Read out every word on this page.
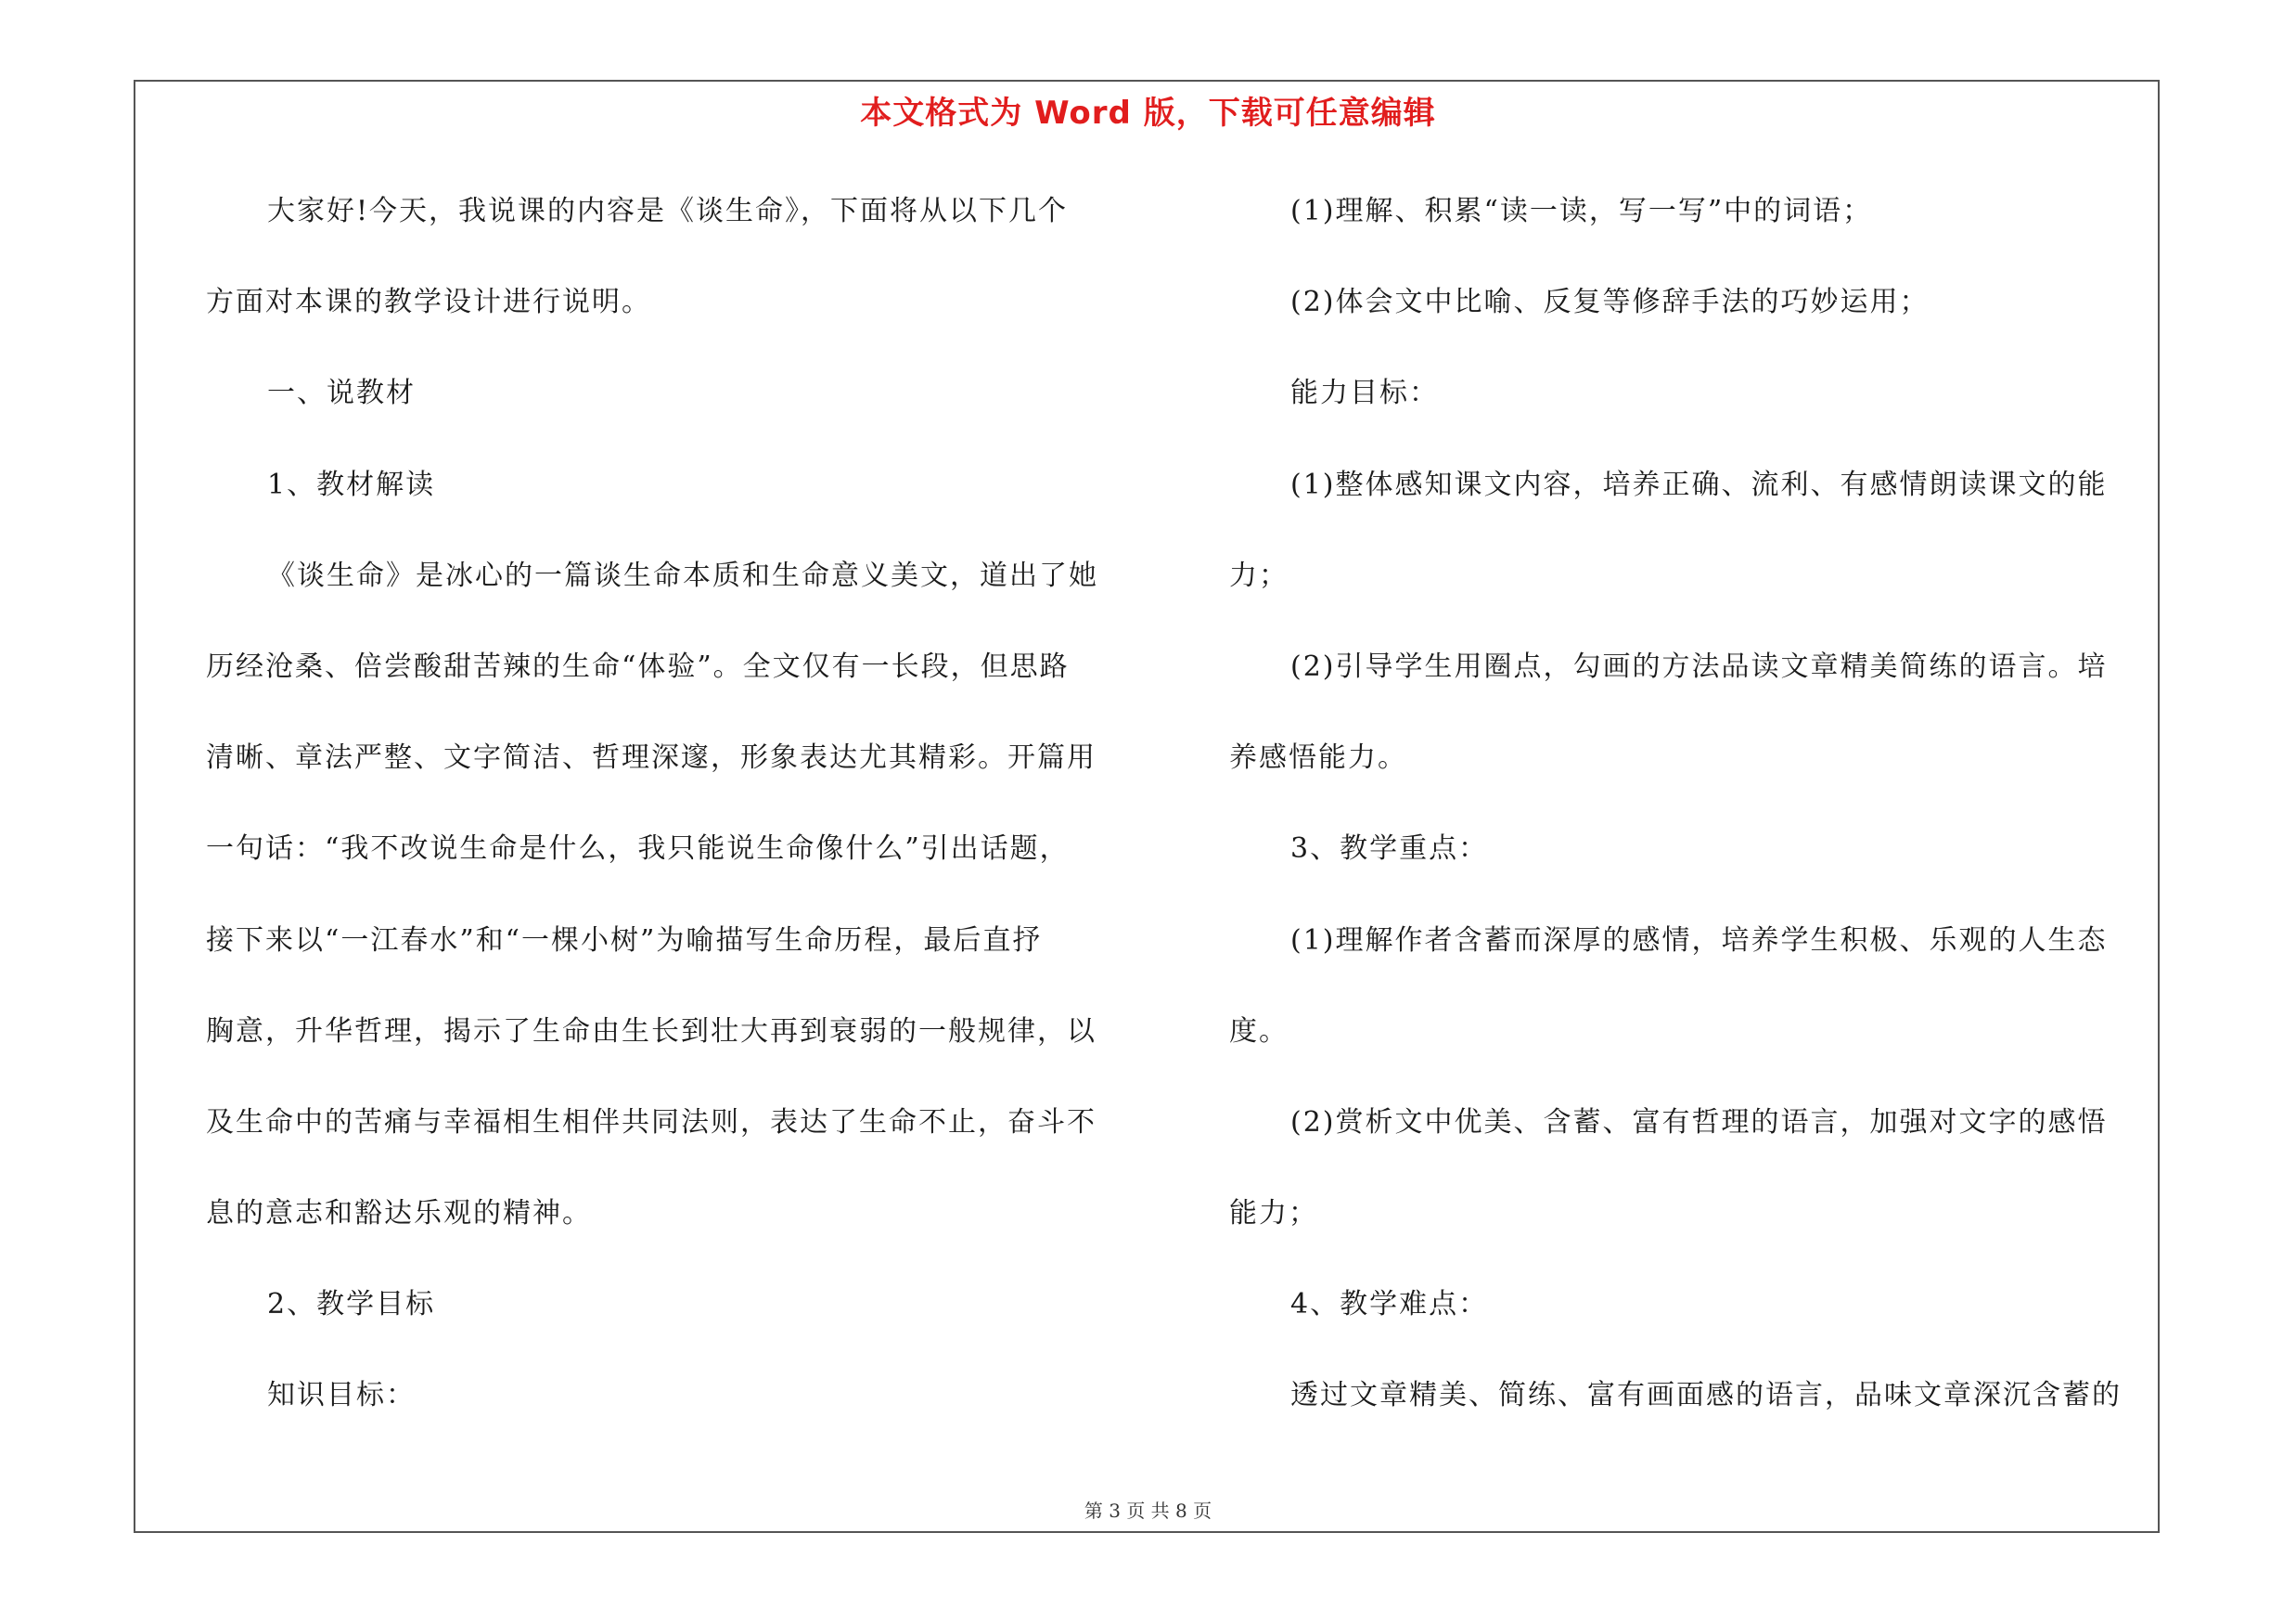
本文格式为 Word 版，下载可任意编辑
大家好!今天，我说课的内容是《谈生命》，下面将从以下几个
方面对本课的教学设计进行说明。
一、说教材
1、教材解读
《谈生命》是冰心的一篇谈生命本质和生命意义美文，道出了她
历经沧桑、倍尝酸甜苦辣的生命“体验”。全文仅有一长段，但思路
清晰、章法严整、文字简洁、哲理深邃，形象表达尤其精彩。开篇用
一句话：“我不改说生命是什么，我只能说生命像什么”引出话题，
接下来以“一江春水”和“一棵小树”为喻描写生命历程，最后直抒
胸意，升华哲理，揭示了生命由生长到壮大再到衰弱的一般规律，以
及生命中的苦痛与幸福相生相伴共同法则，表达了生命不止，奋斗不
息的意志和豁达乐观的精神。
2、教学目标
知识目标：
(1)理解、积累“读一读，写一写”中的词语；
(2)体会文中比喻、反复等修辞手法的巧妙运用；
能力目标：
(1)整体感知课文内容，培养正确、流利、有感情朗读课文的能
力；
(2)引导学生用圈点，勾画的方法品读文章精美简练的语言。培
养感悟能力。
3、教学重点：
(1)理解作者含蓄而深厚的感情，培养学生积极、乐观的人生态
度。
(2)赏析文中优美、含蓄、富有哲理的语言，加强对文字的感悟
能力；
4、教学难点：
透过文章精美、简练、富有画面感的语言，品味文章深沉含蓄的
第 3 页 共 8 页
